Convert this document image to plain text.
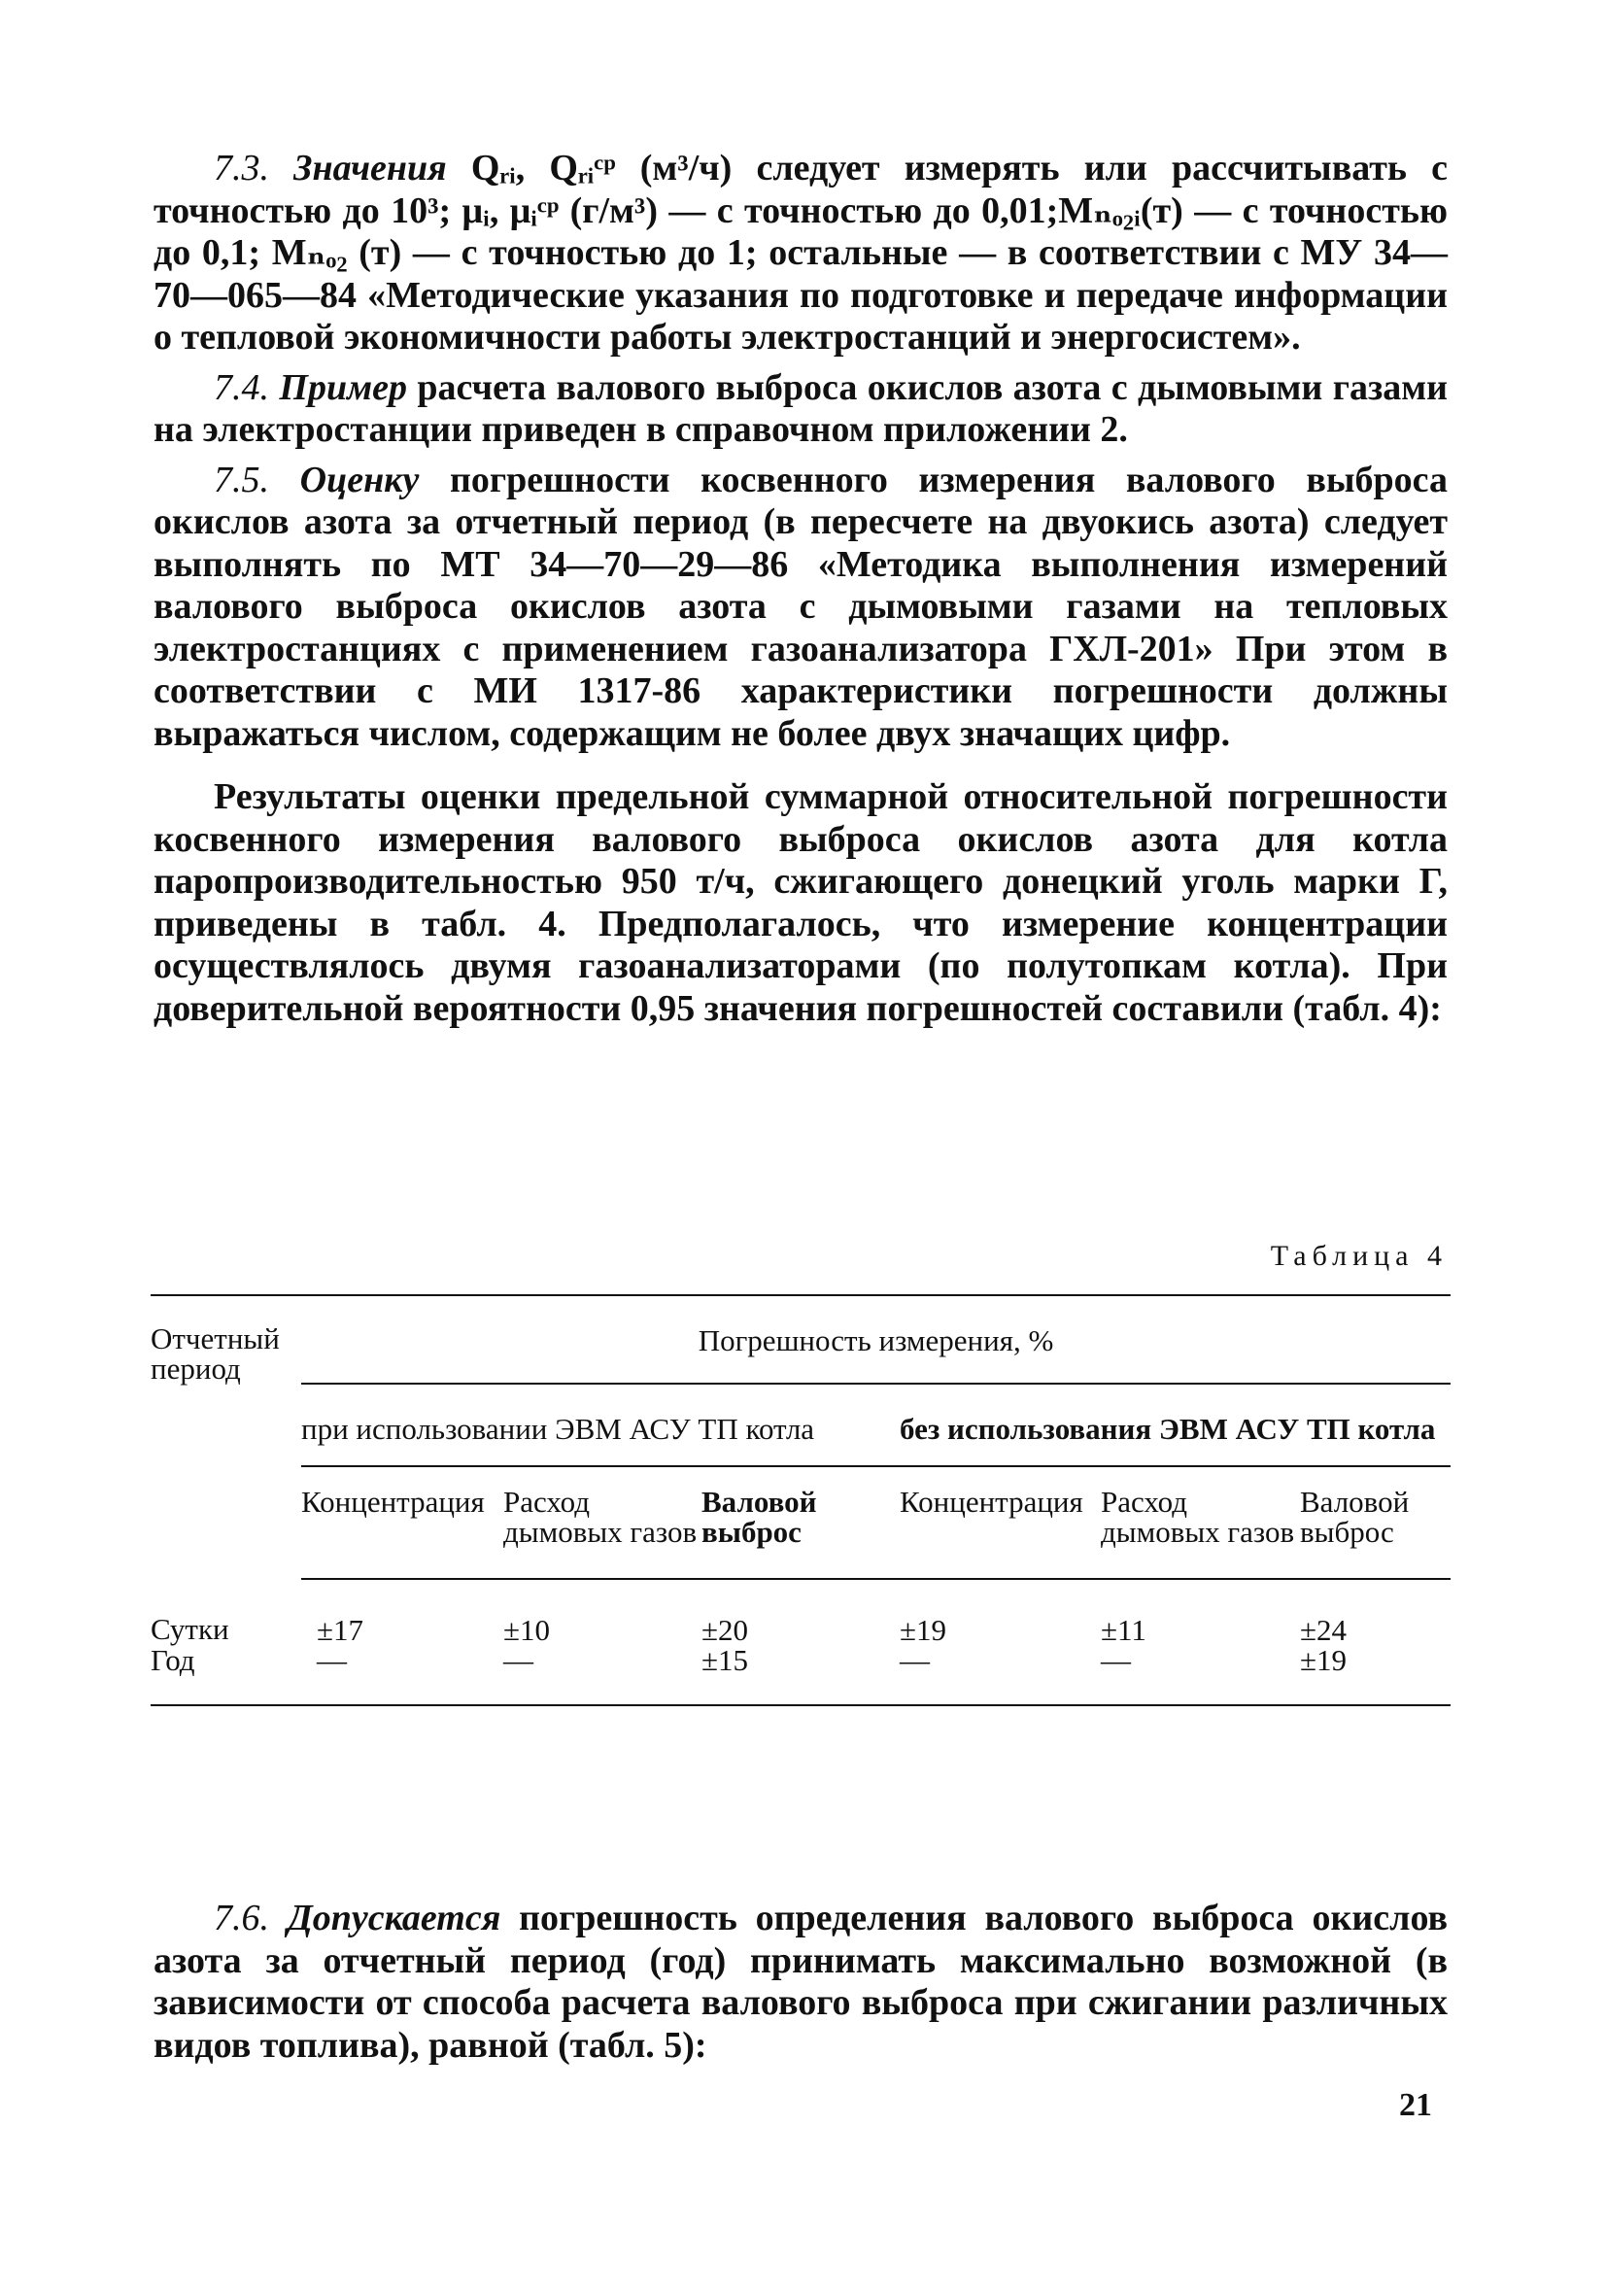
7.3. Значения Qᵣᵢ, Qᵣᵢᶜᵖ (м³/ч) следует измерять или рассчитывать с точностью до 10³; μᵢ, μᵢᶜᵖ (г/м³) — с точностью до 0,01;Mₙₒ₂ᵢ(т) — с точностью до 0,1; Mₙₒ₂ (т) — с точностью до 1; остальные — в соответствии с МУ 34—70—065—84 «Методические указания по подготовке и передаче информации о тепловой экономичности работы электростанций и энергосистем».

7.4. Пример расчета валового выброса окислов азота с дымовыми газами на электростанции приведен в справочном приложении 2.

7.5. Оценку погрешности косвенного измерения валового выброса окислов азота за отчетный период (в пересчете на двуокись азота) следует выполнять по МТ 34—70—29—86 «Методика выполнения измерений валового выброса окислов азота с дымовыми газами на тепловых электростанциях с применением газоанализатора ГХЛ-201» При этом в соответствии с МИ 1317-86 характеристики погрешности должны выражаться числом, содержащим не более двух значащих цифр.

Результаты оценки предельной суммарной относительной погрешности косвенного измерения валового выброса окислов азота для котла паропроизводительностью 950 т/ч, сжигающего донецкий уголь марки Г, приведены в табл. 4. Предполагалось, что измерение концентрации осуществлялось двумя газоанализаторами (по полутопкам котла). При доверительной вероятности 0,95 значения погрешностей составили (табл. 4):

Таблица 4
Отчетный период	Погрешность измерения, %					
	при использовании ЭВМ АСУ ТП котла			без использования ЭВМ АСУ ТП котла		
	Концентрация	Расход дымовых газов	Валовой выброс	Концентрация	Расход дымовых газов	Валовой выброс
Сутки	±17	±10	±20	±19	±11	±24
Год	—	—	±15	—	—	±19

7.6. Допускается погрешность определения валового выброса окислов азота за отчетный период (год) принимать максимально возможной (в зависимости от способа расчета валового выброса при сжигании различных видов топлива), равной (табл. 5):

21
